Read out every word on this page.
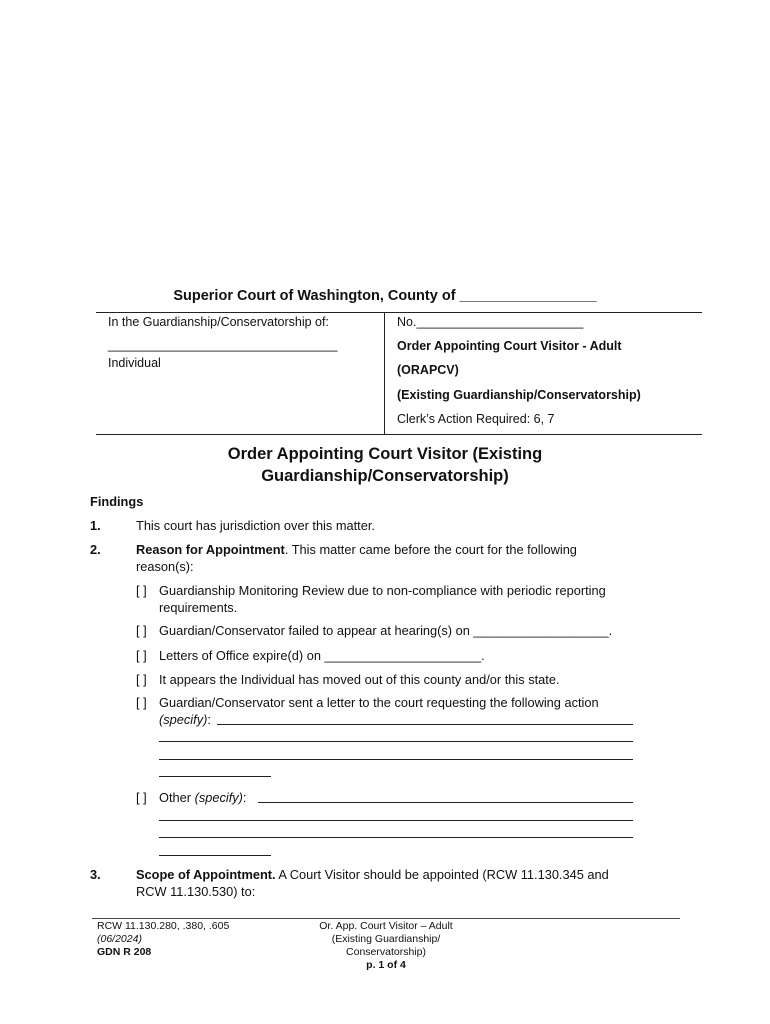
Superior Court of Washington, County of _________________
In the Guardianship/Conservatorship of:
_________________________________
Individual
No.________________________
Order Appointing Court Visitor - Adult
(ORAPCV)
(Existing Guardianship/Conservatorship)
Clerk’s Action Required: 6, 7
Order Appointing Court Visitor (Existing
Guardianship/Conservatorship)
Findings
1.	This court has jurisdiction over this matter.
2.	Reason for Appointment. This matter came before the court for the following
reason(s):
[ ] Guardianship Monitoring Review due to non-compliance with periodic reporting
requirements.
[ ] Guardian/Conservator failed to appear at hearing(s) on ___________________.
[ ] Letters of Office expire(d) on ______________________.
[ ] It appears the Individual has moved out of this county and/or this state.
[ ] Guardian/Conservator sent a letter to the court requesting the following action
(specify):
[ ] Other (specify):
3.	Scope of Appointment. A Court Visitor should be appointed (RCW 11.130.345 and
RCW 11.130.530) to:
RCW 11.130.280, .380, .605
(06/2024)
GDN R 208
Or. App. Court Visitor – Adult
(Existing Guardianship/
Conservatorship)
p. 1 of 4
